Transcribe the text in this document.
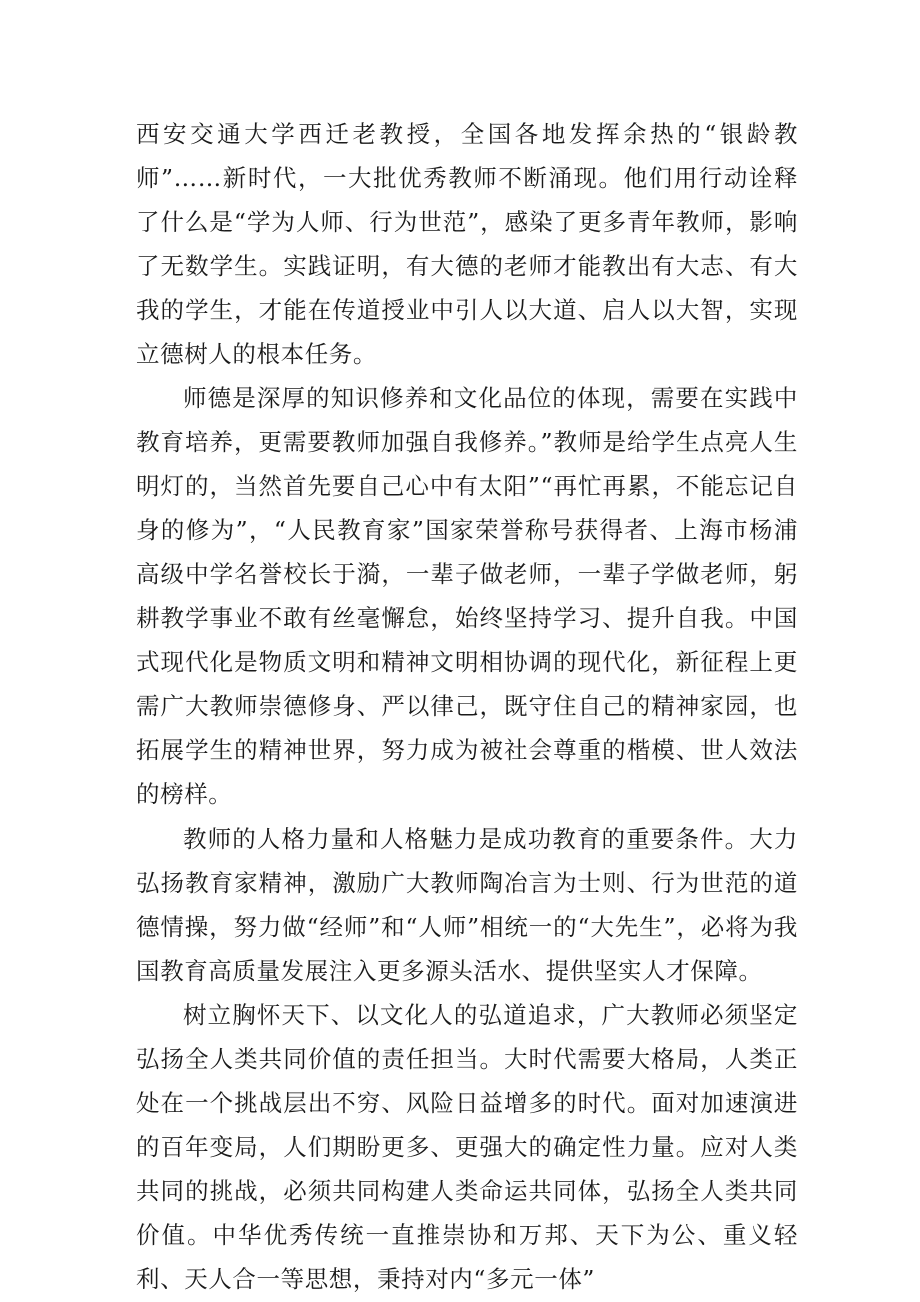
西安交通大学西迁老教授，全国各地发挥余热的“银龄教师”……新时代，一大批优秀教师不断涌现。他们用行动诠释了什么是“学为人师、行为世范”，感染了更多青年教师，影响了无数学生。实践证明，有大德的老师才能教出有大志、有大我的学生，才能在传道授业中引人以大道、启人以大智，实现立德树人的根本任务。

师德是深厚的知识修养和文化品位的体现，需要在实践中教育培养，更需要教师加强自我修养。”教师是给学生点亮人生明灯的，当然首先要自己心中有太阳”“再忙再累，不能忘记自身的修为”，“人民教育家”国家荣誉称号获得者、上海市杨浦高级中学名誉校长于漪，一辈子做老师，一辈子学做老师，躬耕教学事业不敢有丝毫懈怠，始终坚持学习、提升自我。中国式现代化是物质文明和精神文明相协调的现代化，新征程上更需广大教师崇德修身、严以律己，既守住自己的精神家园，也拓展学生的精神世界，努力成为被社会尊重的楷模、世人效法的榜样。

教师的人格力量和人格魅力是成功教育的重要条件。大力弘扬教育家精神，激励广大教师陶冶言为士则、行为世范的道德情操，努力做“经师”和“人师”相统一的“大先生”，必将为我国教育高质量发展注入更多源头活水、提供坚实人才保障。

树立胸怀天下、以文化人的弘道追求，广大教师必须坚定弘扬全人类共同价值的责任担当。大时代需要大格局，人类正处在一个挑战层出不穷、风险日益增多的时代。面对加速演进的百年变局，人们期盼更多、更强大的确定性力量。应对人类共同的挑战，必须共同构建人类命运共同体，弘扬全人类共同价值。中华优秀传统一直推崇协和万邦、天下为公、重义轻利、天人合一等思想，秉持对内“多元一体”
